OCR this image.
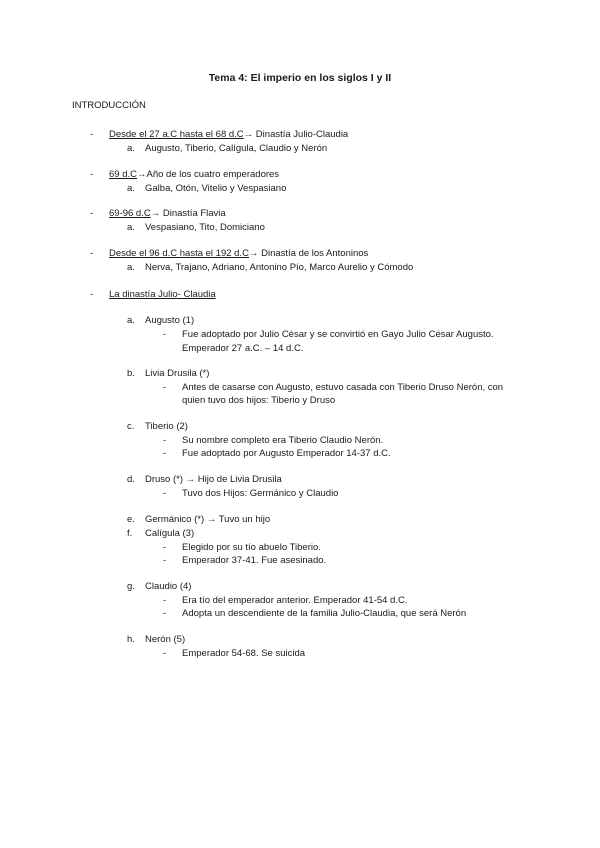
Tema 4: El imperio en los siglos I y II
INTRODUCCIÓN
-	Desde el 27 a.C hasta el 68 d.C→ Dinastía Julio-Claudia
a. Augusto, Tiberio, Calígula, Claudio y Nerón
-	69 d.C→Año de los cuatro emperadores
a. Galba, Otón, Vitelio y Vespasiano
-	69-96 d.C→ Dinastía Flavia
a. Vespasiano, Tito, Domiciano
-	Desde el 96 d.C hasta el 192 d.C→ Dinastía de los Antoninos
a. Nerva, Trajano, Adriano, Antonino Pío, Marco Aurelio y Cómodo
-	La dinastía Julio- Claudia
a. Augusto (1)
-	Fue adoptado por Julio César y se convirtió en Gayo Julio César Augusto.
Emperador 27 a.C. – 14 d.C.
b. Livia Drusila (*)
-	Antes de casarse con Augusto, estuvo casada con Tiberio Druso Nerón, con
quien tuvo dos hijos: Tiberio y Druso
c. Tiberio (2)
-	Su nombre completo era Tiberio Claudio Nerón.
-	Fue adoptado por Augusto Emperador 14-37 d.C.
d. Druso (*) → Hijo de Livia Drusila
-	Tuvo dos Hijos: Germánico y Claudio
e. Germánico (*) → Tuvo un hijo
f. Calígula (3)
-	Elegido por su tío abuelo Tiberio.
-	Emperador 37-41. Fue asesinado.
g. Claudio (4)
-	Era tío del emperador anterior. Emperador 41-54 d.C.
-	Adopta un descendiente de la familia Julio-Claudia, que será Nerón
h. Nerón (5)
-	Emperador 54-68. Se suicida
